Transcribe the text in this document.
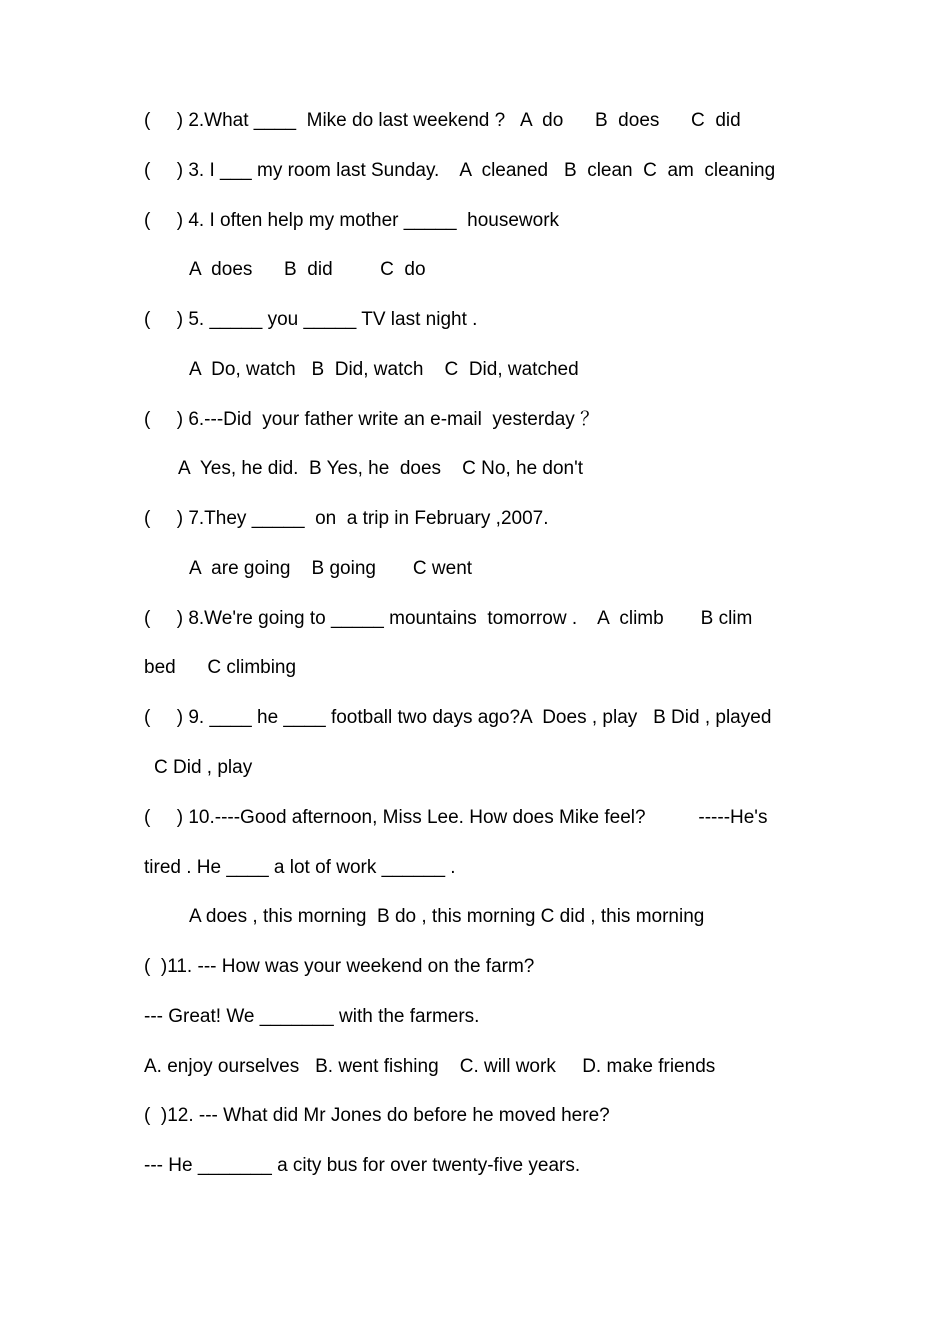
(     ) 2.What ____  Mike do last weekend ?   A  do      B  does      C  did

(     ) 3. I ___ my room last Sunday.    A  cleaned   B  clean  C  am  cleaning

(     ) 4. I often help my mother _____  housework

A  does      B  did         C  do

(     ) 5. _____ you _____ TV last night .

A  Do, watch   B  Did, watch    C  Did, watched

(     ) 6.---Did  your father write an e-mail  yesterday ？

A  Yes, he did.  B Yes, he  does    C No, he don't

(     ) 7.They _____  on  a trip in February ,2007.

A  are going    B going       C went

(     ) 8.We're going to _____ mountains  tomorrow .    A  climb       B clim

bed      C climbing

(     ) 9. ____ he ____ football two days ago?A  Does , play   B Did , played

C Did , play

(     ) 10.----Good afternoon, Miss Lee. How does Mike feel?          -----He's

tired . He ____ a lot of work ______ .

A does , this morning  B do , this morning C did , this morning

(  )11. --- How was your weekend on the farm?

--- Great! We _______ with the farmers.

A. enjoy ourselves   B. went fishing    C. will work     D. make friends

(  )12. --- What did Mr Jones do before he moved here?

--- He _______ a city bus for over twenty-five years.
